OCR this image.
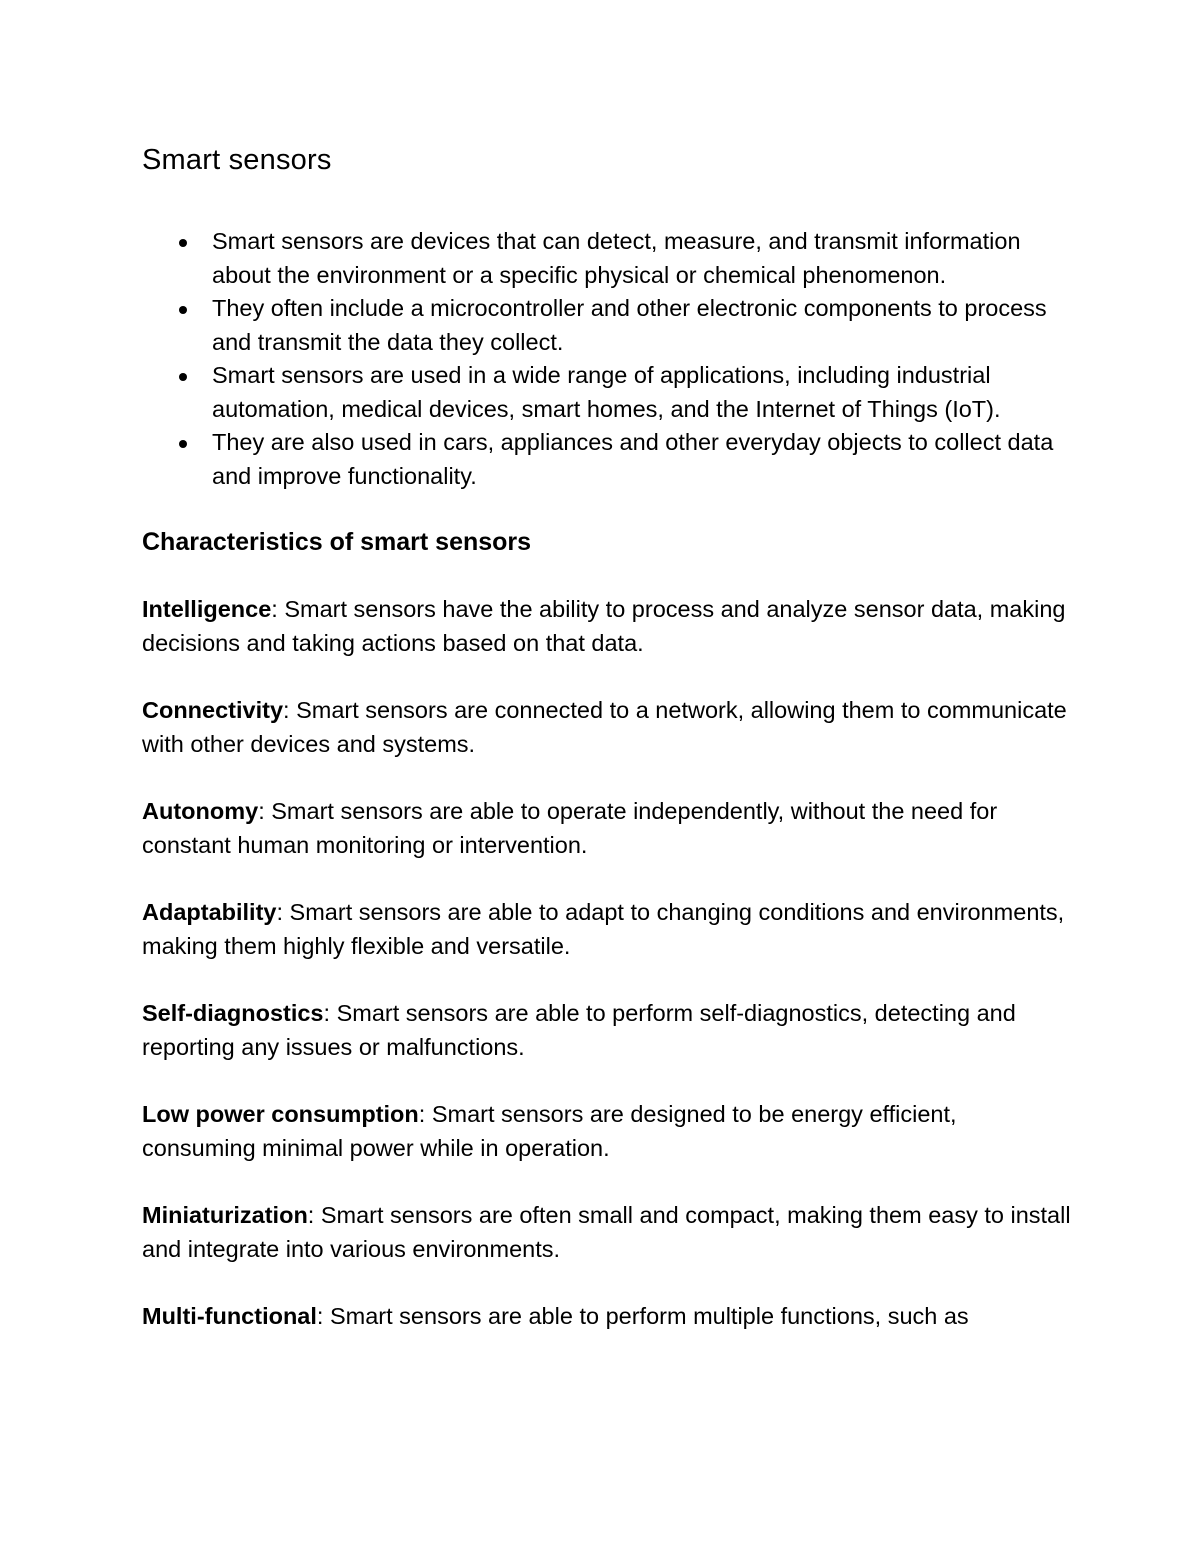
Smart sensors
Smart sensors are devices that can detect, measure, and transmit information about the environment or a specific physical or chemical phenomenon.
They often include a microcontroller and other electronic components to process and transmit the data they collect.
Smart sensors are used in a wide range of applications, including industrial automation, medical devices, smart homes, and the Internet of Things (IoT).
They are also used in cars, appliances and other everyday objects to collect data and improve functionality.
Characteristics of smart sensors

Intelligence: Smart sensors have the ability to process and analyze sensor data, making decisions and taking actions based on that data.

Connectivity: Smart sensors are connected to a network, allowing them to communicate with other devices and systems.

Autonomy: Smart sensors are able to operate independently, without the need for constant human monitoring or intervention.

Adaptability: Smart sensors are able to adapt to changing conditions and environments, making them highly flexible and versatile.

Self-diagnostics: Smart sensors are able to perform self-diagnostics, detecting and reporting any issues or malfunctions.

Low power consumption: Smart sensors are designed to be energy efficient, consuming minimal power while in operation.

Miniaturization: Smart sensors are often small and compact, making them easy to install and integrate into various environments.

Multi-functional: Smart sensors are able to perform multiple functions, such as
